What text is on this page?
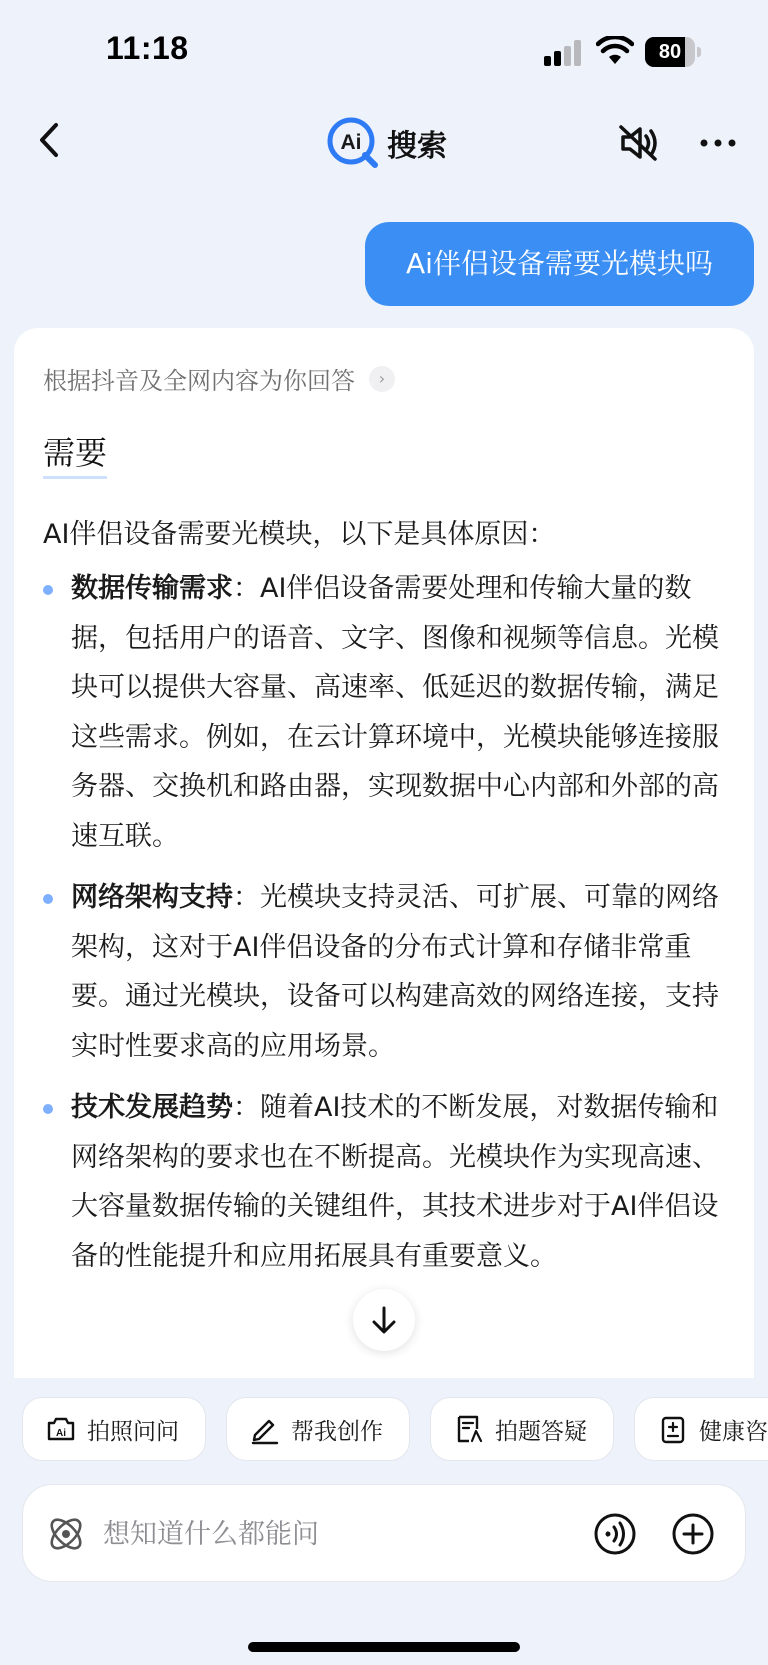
11:18	80
Ai 搜索
Ai伴侣设备需要光模块吗
根据抖音及全网内容为你回答	›
需要
AI伴侣设备需要光模块，以下是具体原因：
数据传输需求：AI伴侣设备需要处理和传输大量的数据，包括用户的语音、文字、图像和视频等信息。光模块可以提供大容量、高速率、低延迟的数据传输，满足这些需求。例如，在云计算环境中，光模块能够连接服务器、交换机和路由器，实现数据中心内部和外部的高速互联。
网络架构支持：光模块支持灵活、可扩展、可靠的网络架构，这对于AI伴侣设备的分布式计算和存储非常重要。通过光模块，设备可以构建高效的网络连接，支持实时性要求高的应用场景。
技术发展趋势：随着AI技术的不断发展，对数据传输和网络架构的要求也在不断提高。光模块作为实现高速、大容量数据传输的关键组件，其技术进步对于AI伴侣设备的性能提升和应用拓展具有重要意义。
Ai 拍照问问	帮我创作	拍题答疑	健康咨
想知道什么都能问
